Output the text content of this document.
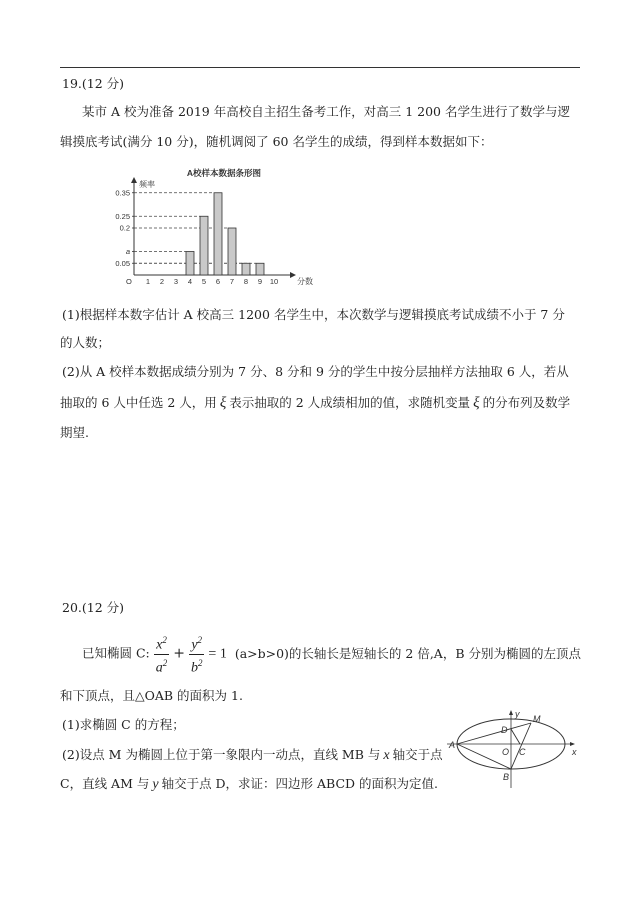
19.(12 分)
某市 A 校为准备 2019 年高校自主招生备考工作，对高三 1 200 名学生进行了数学与逻
辑摸底考试(满分 10 分)，随机调阅了 60 名学生的成绩，得到样本数据如下：
A校样本数据条形图
频率
分数
O 1 2 3 4 5 6 7 8 9 10
0.35
0.25
0.2
a
0.05
(1)根据样本数字估计 A 校高三 1200 名学生中，本次数学与逻辑摸底考试成绩不小于 7 分
的人数；
(2)从 A 校样本数据成绩分别为 7 分、8 分和 9 分的学生中按分层抽样方法抽取 6 人，若从
抽取的 6 人中任选 2 人，用 ξ 表示抽取的 2 人成绩相加的值，求随机变量 ξ 的分布列及数学
期望.
20.(12 分)
已知椭圆 C: $\frac{x^2}{a^2} + \frac{y^2}{b^2} = 1$ (a>b>0)的长轴长是短轴长的 2 倍,A，B 分别为椭圆的左顶点
和下顶点，且△OAB 的面积为 1.
(1)求椭圆 C 的方程；
(2)设点 M 为椭圆上位于第一象限内一动点，直线 MB 与 x 轴交于点
C，直线 AM 与 y 轴交于点 D，求证：四边形 ABCD 的面积为定值.
A
B
C
D
M
O	x
y
